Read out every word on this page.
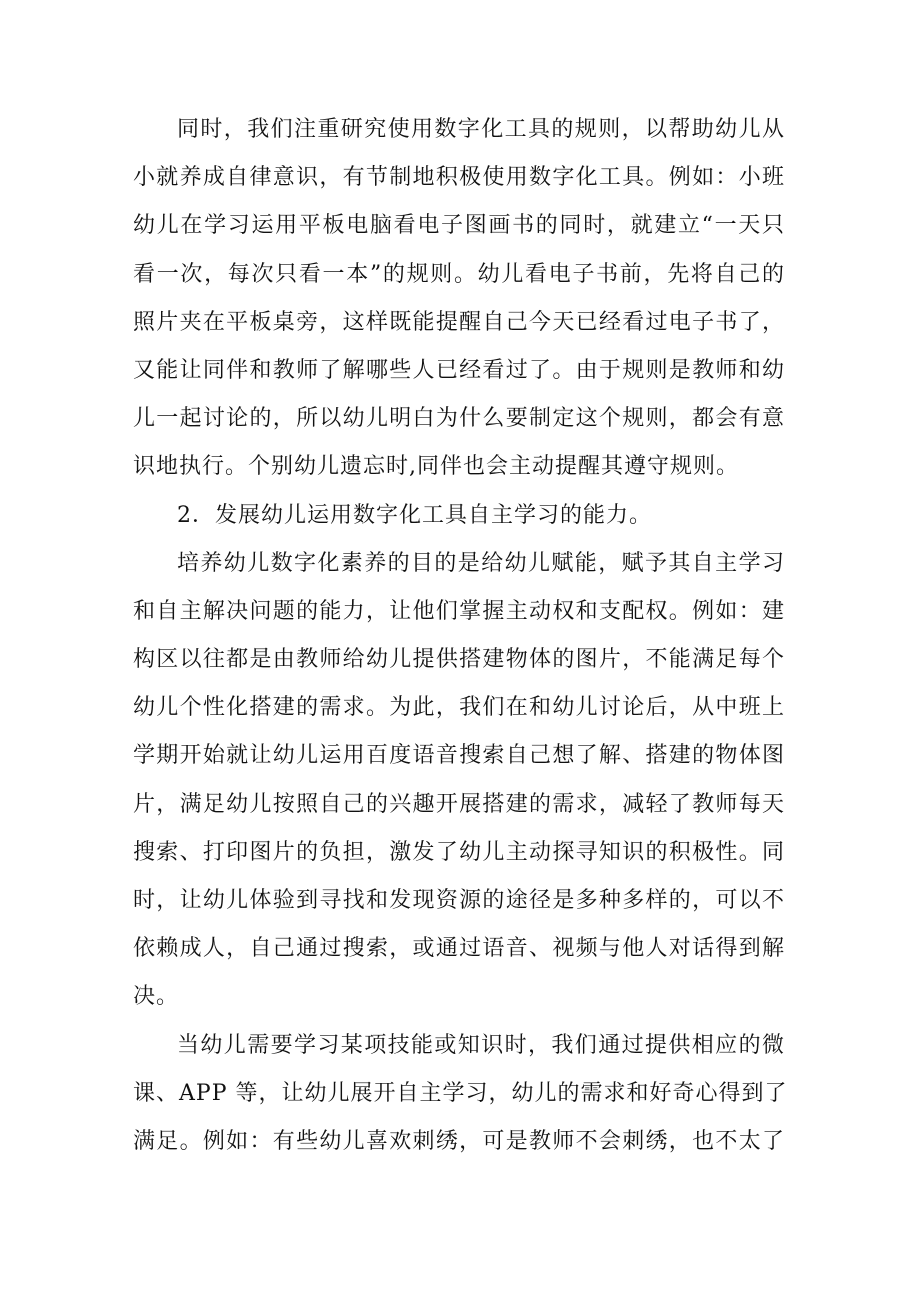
同时，我们注重研究使用数字化工具的规则，以帮助幼儿从
小就养成自律意识，有节制地积极使用数字化工具。例如：小班
幼儿在学习运用平板电脑看电子图画书的同时，就建立“一天只
看一次，每次只看一本”的规则。幼儿看电子书前，先将自己的
照片夹在平板桌旁，这样既能提醒自己今天已经看过电子书了，
又能让同伴和教师了解哪些人已经看过了。由于规则是教师和幼
儿一起讨论的，所以幼儿明白为什么要制定这个规则，都会有意
识地执行。个别幼儿遗忘时,同伴也会主动提醒其遵守规则。
2．发展幼儿运用数字化工具自主学习的能力。
培养幼儿数字化素养的目的是给幼儿赋能，赋予其自主学习
和自主解决问题的能力，让他们掌握主动权和支配权。例如：建
构区以往都是由教师给幼儿提供搭建物体的图片，不能满足每个
幼儿个性化搭建的需求。为此，我们在和幼儿讨论后，从中班上
学期开始就让幼儿运用百度语音搜索自己想了解、搭建的物体图
片，满足幼儿按照自己的兴趣开展搭建的需求，减轻了教师每天
搜索、打印图片的负担，激发了幼儿主动探寻知识的积极性。同
时，让幼儿体验到寻找和发现资源的途径是多种多样的，可以不
依赖成人，自己通过搜索，或通过语音、视频与他人对话得到解
决。
当幼儿需要学习某项技能或知识时，我们通过提供相应的微
课、APP 等，让幼儿展开自主学习，幼儿的需求和好奇心得到了
满足。例如：有些幼儿喜欢刺绣，可是教师不会刺绣，也不太了
